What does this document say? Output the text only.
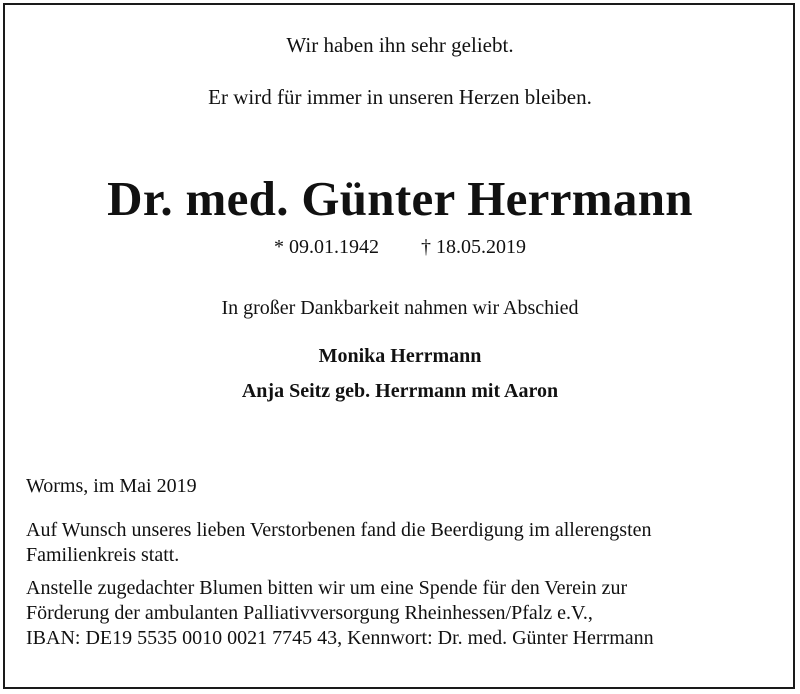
Wir haben ihn sehr geliebt.
Er wird für immer in unseren Herzen bleiben.
Dr. med. Günter Herrmann
* 09.01.1942 † 18.05.2019
In großer Dankbarkeit nahmen wir Abschied
Monika Herrmann
Anja Seitz geb. Herrmann mit Aaron
Worms, im Mai 2019
Auf Wunsch unseres lieben Verstorbenen fand die Beerdigung im allerengsten
Familienkreis statt.
Anstelle zugedachter Blumen bitten wir um eine Spende für den Verein zur
Förderung der ambulanten Palliativversorgung Rheinhessen/Pfalz e.V.,
IBAN: DE19 5535 0010 0021 7745 43, Kennwort: Dr. med. Günter Herrmann
